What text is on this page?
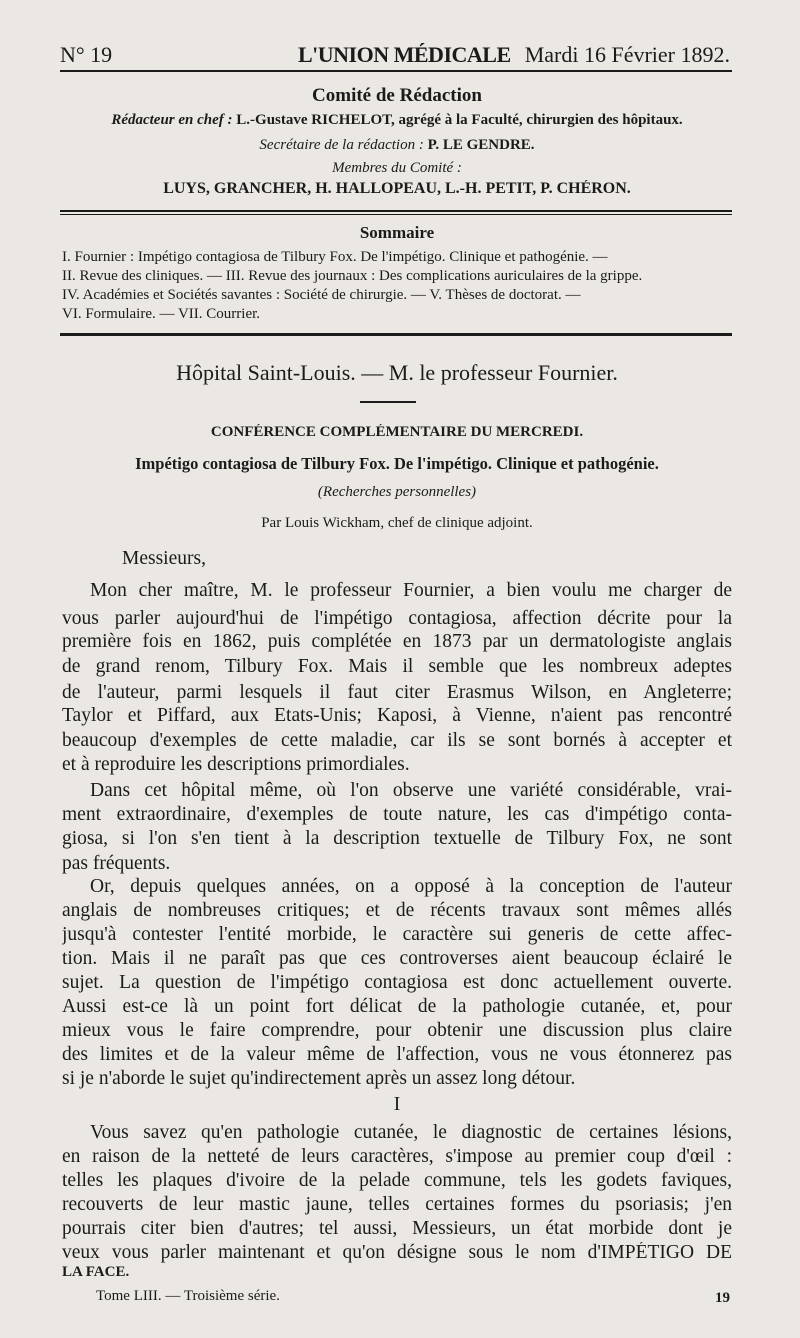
N° 19	L'UNION MÉDICALE Mardi 16 Février 1892.
Comité de Rédaction
Rédacteur en chef : L.-Gustave RICHELOT, agrégé à la Faculté, chirurgien des hôpitaux.
Secrétaire de la rédaction : P. LE GENDRE.
Membres du Comité :
LUYS, GRANCHER, H. HALLOPEAU, L.-H. PETIT, P. CHÉRON.
Sommaire
I. Fournier : Impétigo contagiosa de Tilbury Fox. De l'impétigo. Clinique et pathogénie. —
II. Revue des cliniques. — III. Revue des journaux : Des complications auriculaires de la grippe.
IV. Académies et Sociétés savantes : Société de chirurgie. — V. Thèses de doctorat. —
VI. Formulaire. — VII. Courrier.
Hôpital Saint-Louis. — M. le professeur Fournier.
CONFÉRENCE COMPLÉMENTAIRE DU MERCREDI.
Impétigo contagiosa de Tilbury Fox. De l'impétigo. Clinique et pathogénie.
(Recherches personnelles)
Par Louis Wickham, chef de clinique adjoint.
Messieurs,
Mon cher maître, M. le professeur Fournier, a bien voulu me charger de
vous parler aujourd'hui de l'impétigo contagiosa, affection décrite pour la
première fois en 1862, puis complétée en 1873 par un dermatologiste anglais
de grand renom, Tilbury Fox. Mais il semble que les nombreux adeptes
de l'auteur, parmi lesquels il faut citer Erasmus Wilson, en Angleterre;
Taylor et Piffard, aux Etats-Unis; Kaposi, à Vienne, n'aient pas rencontré
beaucoup d'exemples de cette maladie, car ils se sont bornés à accepter et
et à reproduire les descriptions primordiales.
Dans cet hôpital même, où l'on observe une variété considérable, vrai-
ment extraordinaire, d'exemples de toute nature, les cas d'impétigo conta-
giosa, si l'on s'en tient à la description textuelle de Tilbury Fox, ne sont
pas fréquents.
Or, depuis quelques années, on a opposé à la conception de l'auteur
anglais de nombreuses critiques; et de récents travaux sont mêmes allés
jusqu'à contester l'entité morbide, le caractère sui generis de cette affec-
tion. Mais il ne paraît pas que ces controverses aient beaucoup éclairé le
sujet. La question de l'impétigo contagiosa est donc actuellement ouverte.
Aussi est-ce là un point fort délicat de la pathologie cutanée, et, pour
mieux vous le faire comprendre, pour obtenir une discussion plus claire
des limites et de la valeur même de l'affection, vous ne vous étonnerez pas
si je n'aborde le sujet qu'indirectement après un assez long détour.
I
Vous savez qu'en pathologie cutanée, le diagnostic de certaines lésions,
en raison de la netteté de leurs caractères, s'impose au premier coup d'œil :
telles les plaques d'ivoire de la pelade commune, tels les godets faviques,
recouverts de leur mastic jaune, telles certaines formes du psoriasis; j'en
pourrais citer bien d'autres; tel aussi, Messieurs, un état morbide dont je
veux vous parler maintenant et qu'on désigne sous le nom d'IMPÉTIGO DE
LA FACE.
Tome LIII. — Troisième série.	19
